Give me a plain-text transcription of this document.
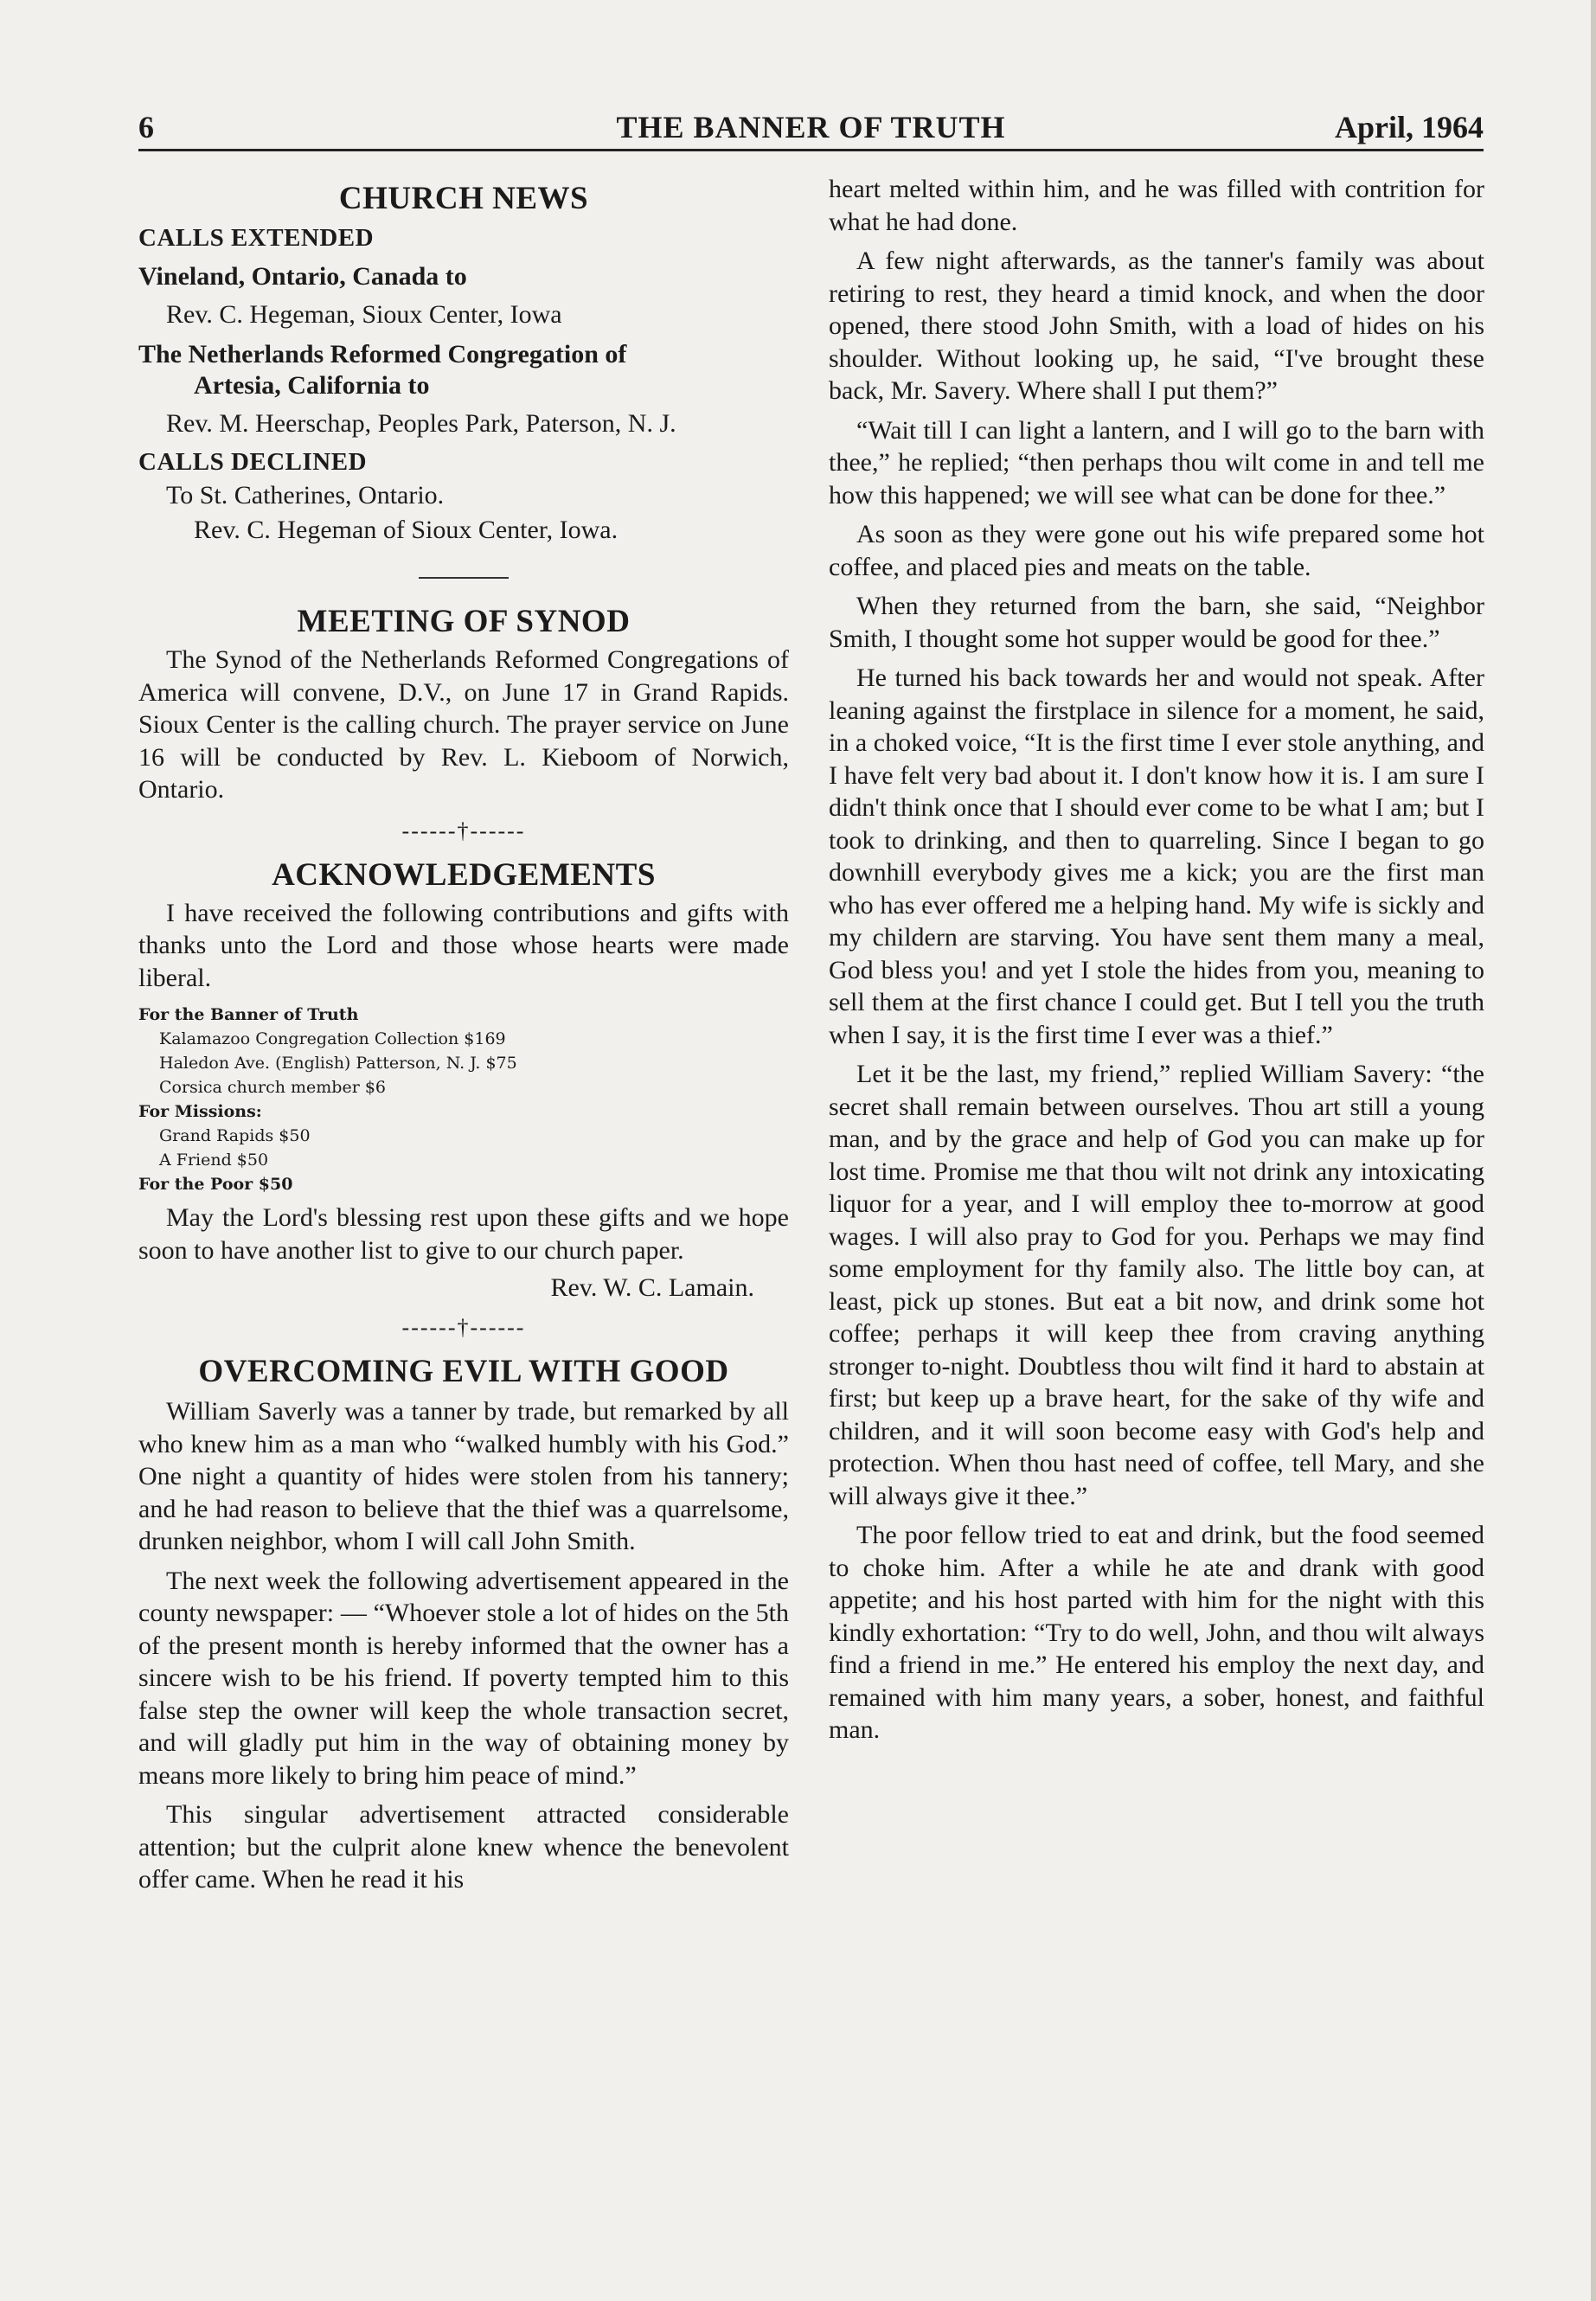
6	THE BANNER OF TRUTH	April, 1964
CHURCH NEWS

CALLS EXTENDED

Vineland, Ontario, Canada to

Rev. C. Hegeman, Sioux Center, Iowa

The Netherlands Reformed Congregation of

Artesia, California to

Rev. M. Heerschap, Peoples Park, Paterson, N. J.

CALLS DECLINED

To St. Catherines, Ontario.

Rev. C. Hegeman of Sioux Center, Iowa.

MEETING OF SYNOD

The Synod of the Netherlands Reformed Congregations of America will convene, D.V., on June 17 in Grand Rapids. Sioux Center is the calling church. The prayer service on June 16 will be conducted by Rev. L. Kieboom of Norwich, Ontario.

------†------

ACKNOWLEDGEMENTS

I have received the following contributions and gifts with thanks unto the Lord and those whose hearts were made liberal.

For the Banner of Truth

Kalamazoo Congregation Collection $169

Haledon Ave. (English) Patterson, N. J. $75

Corsica church member $6

For Missions:

Grand Rapids $50

A Friend $50

For the Poor $50

May the Lord's blessing rest upon these gifts and we hope soon to have another list to give to our church paper.

Rev. W. C. Lamain.

------†------

OVERCOMING EVIL WITH GOOD

William Saverly was a tanner by trade, but remarked by all who knew him as a man who “walked humbly with his God.” One night a quantity of hides were stolen from his tannery; and he had reason to believe that the thief was a quarrelsome, drunken neighbor, whom I will call John Smith.

The next week the following advertisement appeared in the county newspaper: — “Whoever stole a lot of hides on the 5th of the present month is hereby informed that the owner has a sincere wish to be his friend. If poverty tempted him to this false step the owner will keep the whole transaction secret, and will gladly put him in the way of obtaining money by means more likely to bring him peace of mind.”

This singular advertisement attracted considerable attention; but the culprit alone knew whence the benevolent offer came. When he read it his

heart melted within him, and he was filled with contrition for what he had done.

A few night afterwards, as the tanner's family was about retiring to rest, they heard a timid knock, and when the door opened, there stood John Smith, with a load of hides on his shoulder. Without looking up, he said, “I've brought these back, Mr. Savery. Where shall I put them?”

“Wait till I can light a lantern, and I will go to the barn with thee,” he replied; “then perhaps thou wilt come in and tell me how this happened; we will see what can be done for thee.”

As soon as they were gone out his wife prepared some hot coffee, and placed pies and meats on the table.

When they returned from the barn, she said, “Neighbor Smith, I thought some hot supper would be good for thee.”

He turned his back towards her and would not speak. After leaning against the firstplace in silence for a moment, he said, in a choked voice, “It is the first time I ever stole anything, and I have felt very bad about it. I don't know how it is. I am sure I didn't think once that I should ever come to be what I am; but I took to drinking, and then to quarreling. Since I began to go downhill everybody gives me a kick; you are the first man who has ever offered me a helping hand. My wife is sickly and my childern are starving. You have sent them many a meal, God bless you! and yet I stole the hides from you, meaning to sell them at the first chance I could get. But I tell you the truth when I say, it is the first time I ever was a thief.”

Let it be the last, my friend,” replied William Savery: “the secret shall remain between ourselves. Thou art still a young man, and by the grace and help of God you can make up for lost time. Promise me that thou wilt not drink any intoxicating liquor for a year, and I will employ thee to-morrow at good wages. I will also pray to God for you. Perhaps we may find some employment for thy family also. The little boy can, at least, pick up stones. But eat a bit now, and drink some hot coffee; perhaps it will keep thee from craving anything stronger to-night. Doubtless thou wilt find it hard to abstain at first; but keep up a brave heart, for the sake of thy wife and children, and it will soon become easy with God's help and protection. When thou hast need of coffee, tell Mary, and she will always give it thee.”

The poor fellow tried to eat and drink, but the food seemed to choke him. After a while he ate and drank with good appetite; and his host parted with him for the night with this kindly exhortation: “Try to do well, John, and thou wilt always find a friend in me.” He entered his employ the next day, and remained with him many years, a sober, honest, and faithful man.
